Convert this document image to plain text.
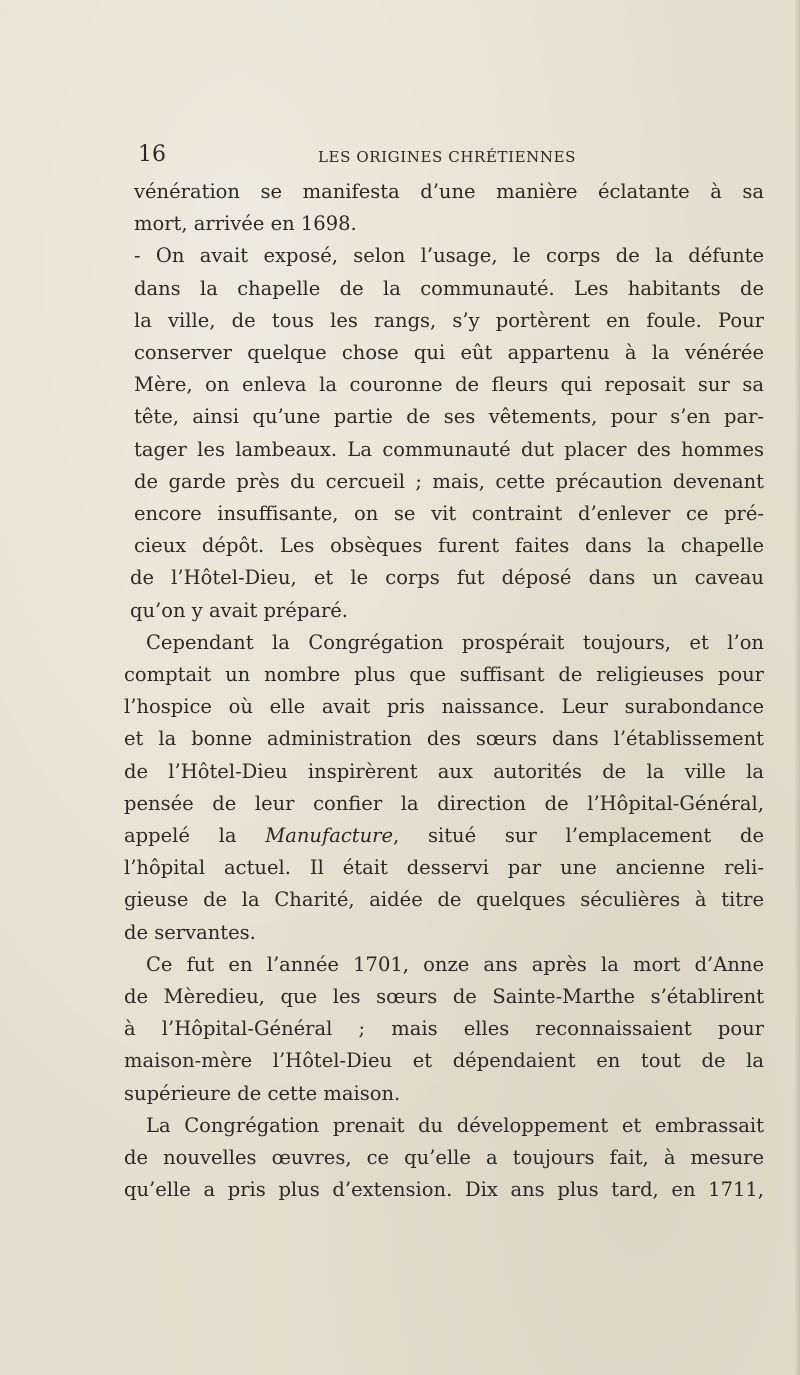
16	LES ORIGINES CHRÉTIENNES
vénération se manifesta d’une manière éclatante à sa
mort, arrivée en 1698.
- On avait exposé, selon l’usage, le corps de la défunte
dans la chapelle de la communauté. Les habitants de
la ville, de tous les rangs, s’y portèrent en foule. Pour
conserver quelque chose qui eût appartenu à la vénérée
Mère, on enleva la couronne de fleurs qui reposait sur sa
tête, ainsi qu’une partie de ses vêtements, pour s’en par-
tager les lambeaux. La communauté dut placer des hommes
de garde près du cercueil ; mais, cette précaution devenant
encore insuffisante, on se vit contraint d’enlever ce pré-
cieux dépôt. Les obsèques furent faites dans la chapelle
de l’Hôtel-Dieu, et le corps fut déposé dans un caveau
qu’on y avait préparé.
Cependant la Congrégation prospérait toujours, et l’on
comptait un nombre plus que suffisant de religieuses pour
l’hospice où elle avait pris naissance. Leur surabondance
et la bonne administration des sœurs dans l’établissement
de l’Hôtel-Dieu inspirèrent aux autorités de la ville la
pensée de leur confier la direction de l’Hôpital-Général,
appelé la Manufacture, situé sur l’emplacement de
l’hôpital actuel. Il était desservi par une ancienne reli-
gieuse de la Charité, aidée de quelques séculières à titre
de servantes.
Ce fut en l’année 1701, onze ans après la mort d’Anne
de Mèredieu, que les sœurs de Sainte-Marthe s’établirent
à l’Hôpital-Général ; mais elles reconnaissaient pour
maison-mère l’Hôtel-Dieu et dépendaient en tout de la
supérieure de cette maison.
La Congrégation prenait du développement et embrassait
de nouvelles œuvres, ce qu’elle a toujours fait, à mesure
qu’elle a pris plus d’extension. Dix ans plus tard, en 1711,
